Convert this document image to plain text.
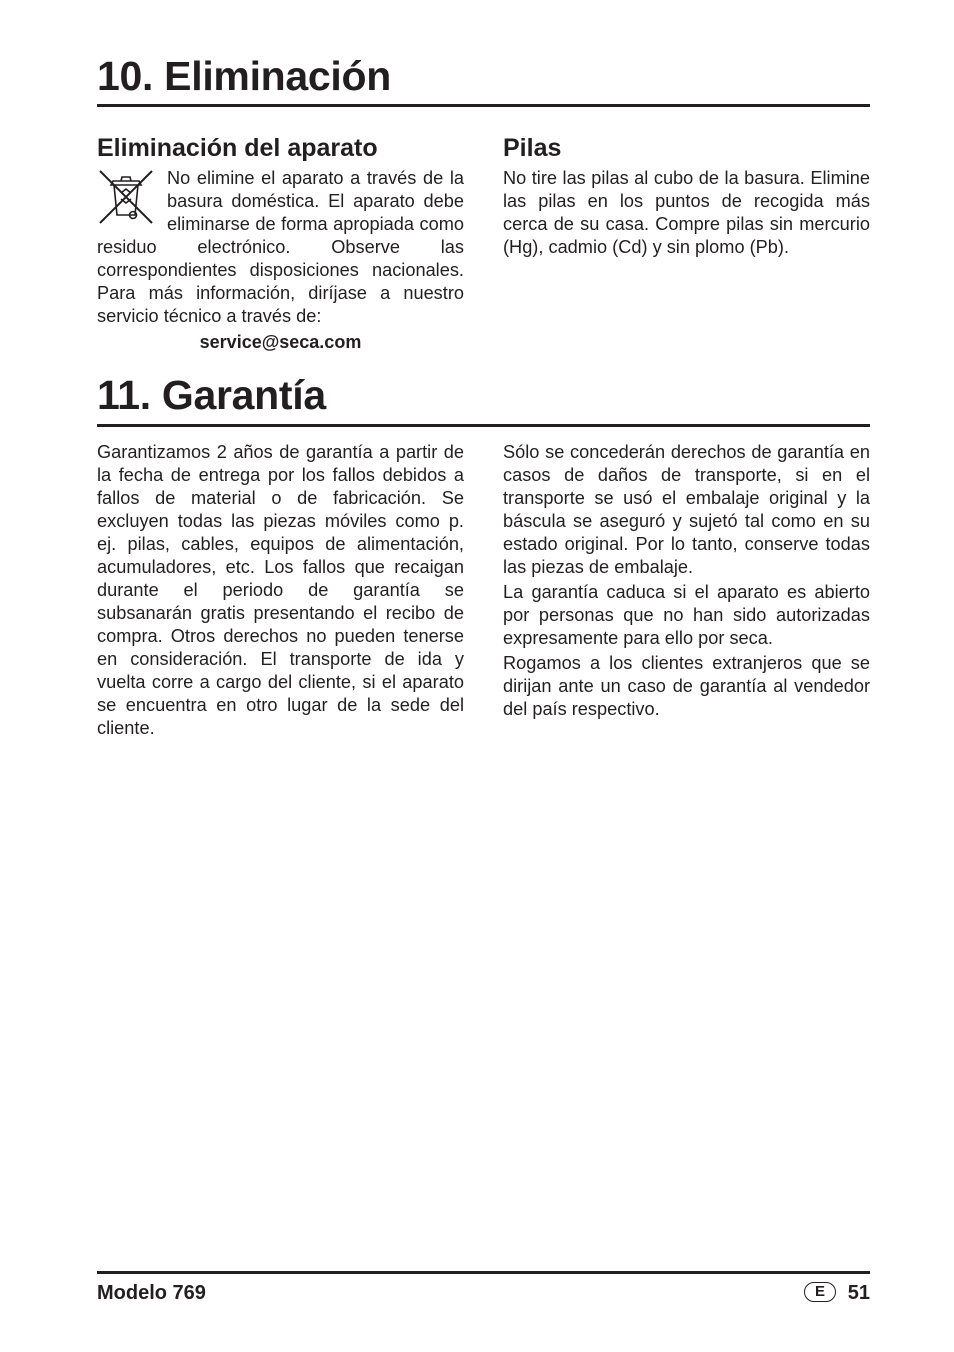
10. Eliminación
Eliminación del aparato

No elimine el aparato a través de la basura doméstica. El aparato debe eliminarse de forma apropiada como residuo electrónico. Observe las correspondientes disposiciones nacionales. Para más información, diríjase a nuestro servicio técnico a través de:

service@seca.com
Pilas

No tire las pilas al cubo de la basura. Elimine las pilas en los puntos de recogida más cerca de su casa. Compre pilas sin mercurio (Hg), cadmio (Cd) y sin plomo (Pb).

11. Garantía

Garantizamos 2 años de garantía a partir de la fecha de entrega por los fallos debidos a fallos de material o de fabricación. Se excluyen todas las piezas móviles como p. ej. pilas, cables, equipos de alimentación, acumuladores, etc. Los fallos que recaigan durante el periodo de garantía se subsanarán gratis presentando el recibo de compra. Otros derechos no pueden tenerse en consideración. El transporte de ida y vuelta corre a cargo del cliente, si el aparato se encuentra en otro lugar de la sede del cliente.

Sólo se concederán derechos de garantía en casos de daños de transporte, si en el transporte se usó el embalaje original y la báscula se aseguró y sujetó tal como en su estado original. Por lo tanto, conserve todas las piezas de embalaje.

La garantía caduca si el aparato es abierto por personas que no han sido autorizadas expresamente para ello por seca.

Rogamos a los clientes extranjeros que se dirijan ante un caso de garantía al vendedor del país respectivo.

Modelo 769	E	51
